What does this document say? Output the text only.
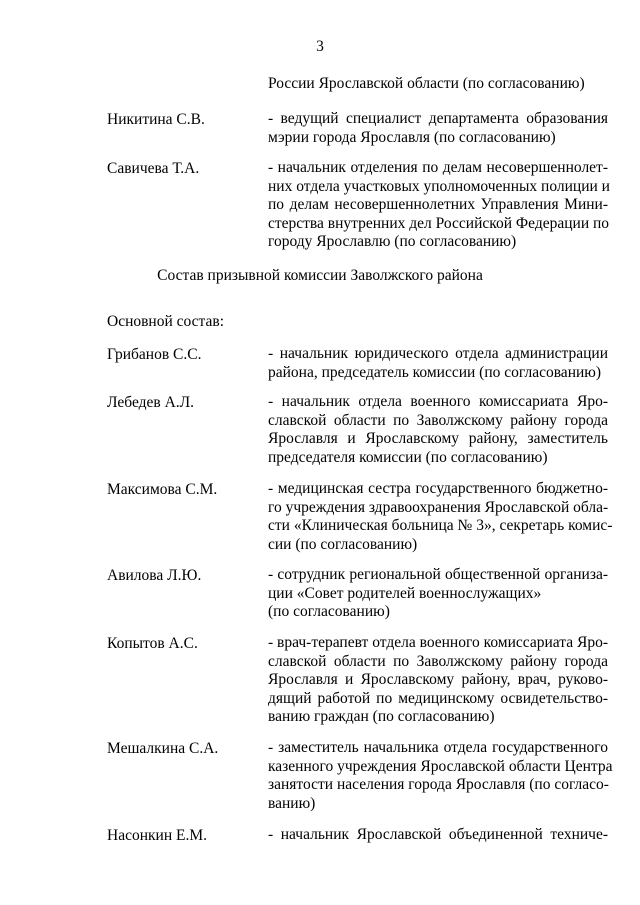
3
России Ярославской области (по согласованию)
Никитина С.В.	- ведущий специалист департамента образования
мэрии города Ярославля (по согласованию)
Савичева Т.А.	- начальник отделения по делам несовершеннолет-
них отдела участковых уполномоченных полиции и
по делам несовершеннолетних Управления Мини-
стерства внутренних дел Российской Федерации по
городу Ярославлю (по согласованию)
Состав призывной комиссии Заволжского района
Основной состав:
Грибанов С.С.	- начальник юридического отдела администрации
района, председатель комиссии (по согласованию)
Лебедев А.Л.	- начальник отдела военного комиссариата Яро-
славской области по Заволжскому району города
Ярославля и Ярославскому району, заместитель
председателя комиссии (по согласованию)
Максимова С.М.	- медицинская сестра государственного бюджетно-
го учреждения здравоохранения Ярославской обла-
сти «Клиническая больница № 3», секретарь комис-
сии (по согласованию)
Авилова Л.Ю.	- сотрудник региональной общественной организа-
ции «Совет родителей военнослужащих»
(по согласованию)
Копытов А.С.	- врач-терапевт отдела военного комиссариата Яро-
славской области по Заволжскому району города
Ярославля и Ярославскому району, врач, руково-
дящий работой по медицинскому освидетельство-
ванию граждан (по согласованию)
Мешалкина С.А.	- заместитель начальника отдела государственного
казенного учреждения Ярославской области Центра
занятости населения города Ярославля (по согласо-
ванию)
Насонкин Е.М.	- начальник Ярославской объединенной техниче-
